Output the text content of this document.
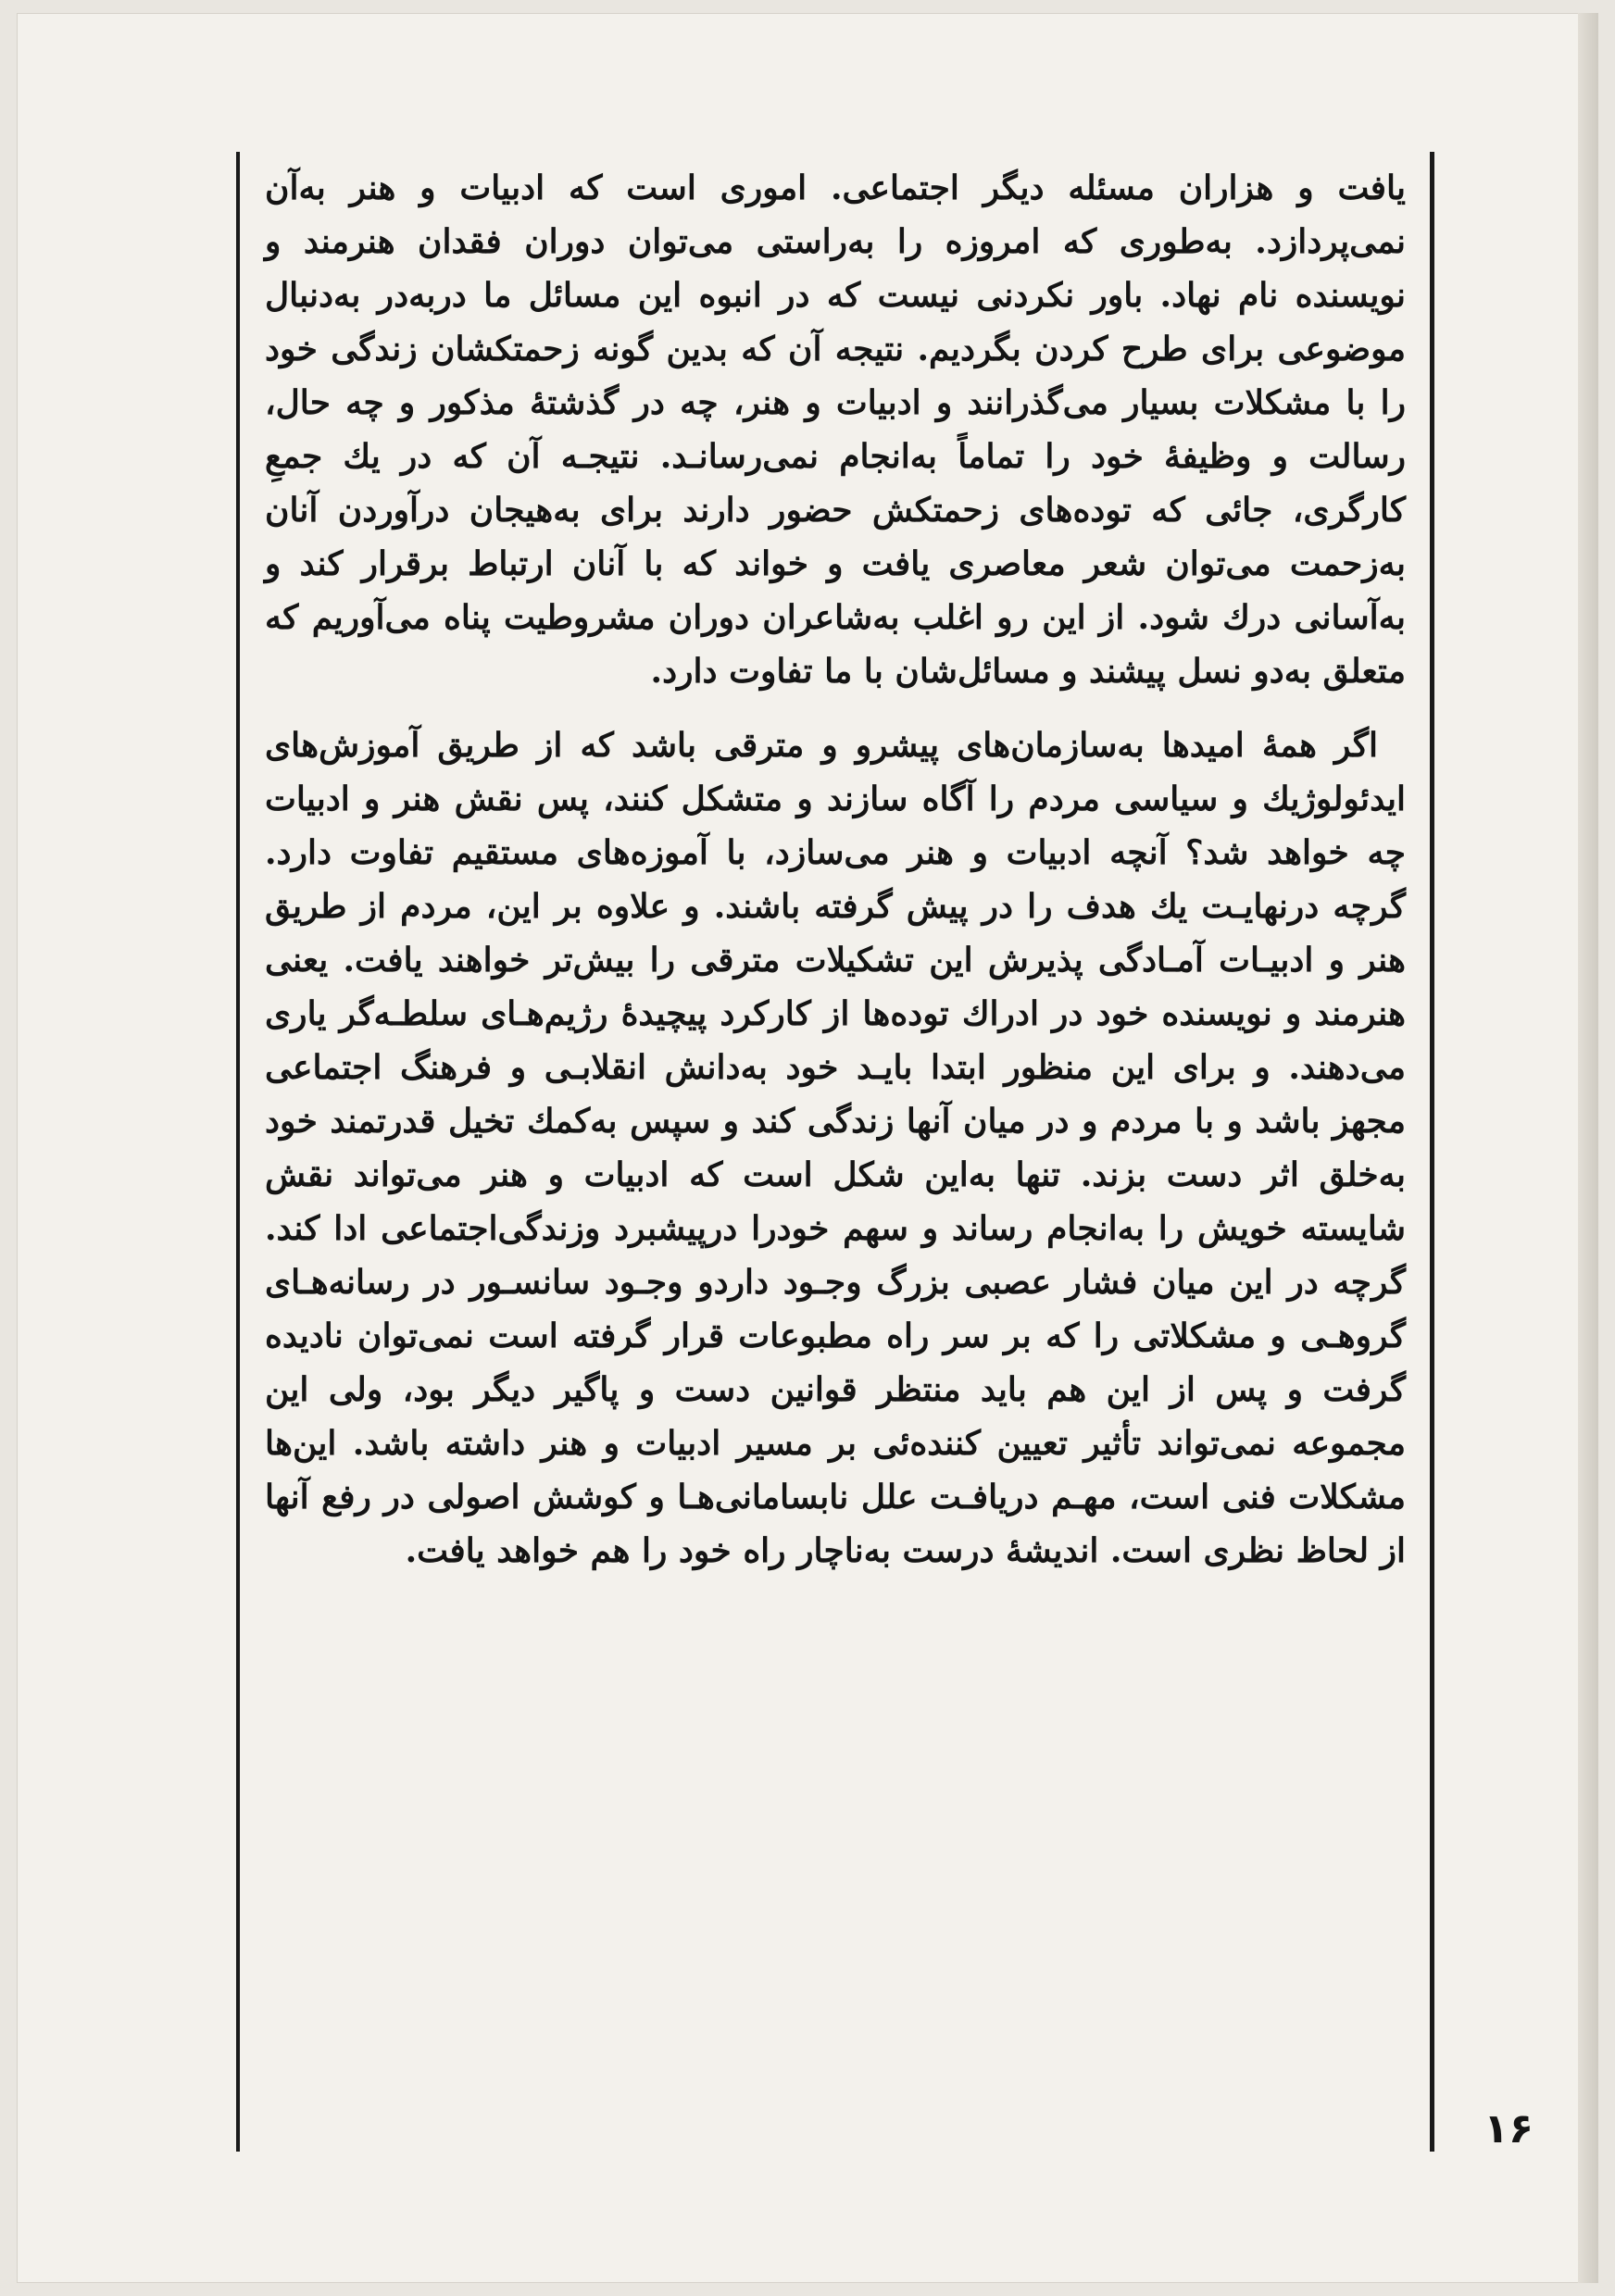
یافت و هزاران مسئله دیگر اجتماعی. اموری است که ادبیات و هنر به‌آن نمی‌پردازد. به‌طوری که امروزه را به‌راستی می‌توان دوران فقدان هنرمند و نویسنده نام نهاد. باور نکردنی نیست که در انبوه این مسائل ما دربه‌در به‌دنبال موضوعی برای طرح کردن بگردیم. نتیجه آن که بدین گونه زحمتکشان زندگی خود را با مشکلات بسیار می‌گذرانند و ادبیات و هنر، چه در گذشتهٔ مذکور و چه حال، رسالت و وظیفهٔ خود را تماماً به‌انجام نمی‌رسانـد. نتیجـه آن که در یك جمعِ کارگری، جائی که توده‌های زحمتکش حضور دارند برای به‌هیجان درآوردن آنان به‌زحمت می‌توان شعر معاصری یافت و خواند که با آنان ارتباط برقرار کند و به‌آسانی درك شود. از این رو اغلب به‌شاعران دوران مشروطیت پناه می‌آوریم که متعلق به‌دو نسل پیشند و مسائل‌شان با ما تفاوت دارد.

اگر همهٔ امیدها به‌سازمان‌های پیشرو و مترقی باشد که از طریق آموزش‌های ایدئولوژیك و سیاسی مردم را آگاه سازند و متشکل کنند، پس نقش هنر و ادبیات چه خواهد شد؟ آنچه ادبیات و هنر می‌سازد، با آموزه‌های مستقیم تفاوت دارد. گرچه درنهایـت یك هدف را در پیش گرفته باشند. و علاوه بر این، مردم از طریق هنر و ادبیـات آمـادگی پذیرش این تشکیلات مترقی را بیش‌تر خواهند یافت. یعنی هنرمند و نویسنده خود در ادراك توده‌ها از کارکرد پیچیدهٔ رژیم‌هـای سلطـه‌گر یاری می‌دهند. و برای این منظور ابتدا بایـد خود به‌دانش انقلابـی و فرهنگ اجتماعی مجهز باشد و با مردم و در میان آنها زندگی کند و سپس به‌کمك تخیل قدرتمند خود به‌خلق اثر دست بزند. تنها به‌این شکل است که ادبیات و هنر می‌تواند نقش شایسته خویش را به‌انجام رساند و سهم خودرا درپیشبرد وزندگی‌اجتماعی ادا کند. گرچه در این میان فشار عصبی بزرگ وجـود داردو وجـود سانسـور در رسانه‌هـای گروهـی و مشکلاتی را که بر سر راه مطبوعات قرار گرفته است نمی‌توان نادیده گرفت و پس از این هم باید منتظر قوانین دست و پاگیر دیگر بود، ولی این مجموعه نمی‌تواند تأثیر تعیین کننده‌ئی بر مسیر ادبیات و هنر داشته باشد. این‌ها مشکلات فنی است، مهـم دریافـت علل نابسامانی‌هـا و کوشش اصولی در رفع آنها از لحاظ نظری است. اندیشهٔ درست به‌ناچار راه خود را هم خواهد یافت.

۱۶
